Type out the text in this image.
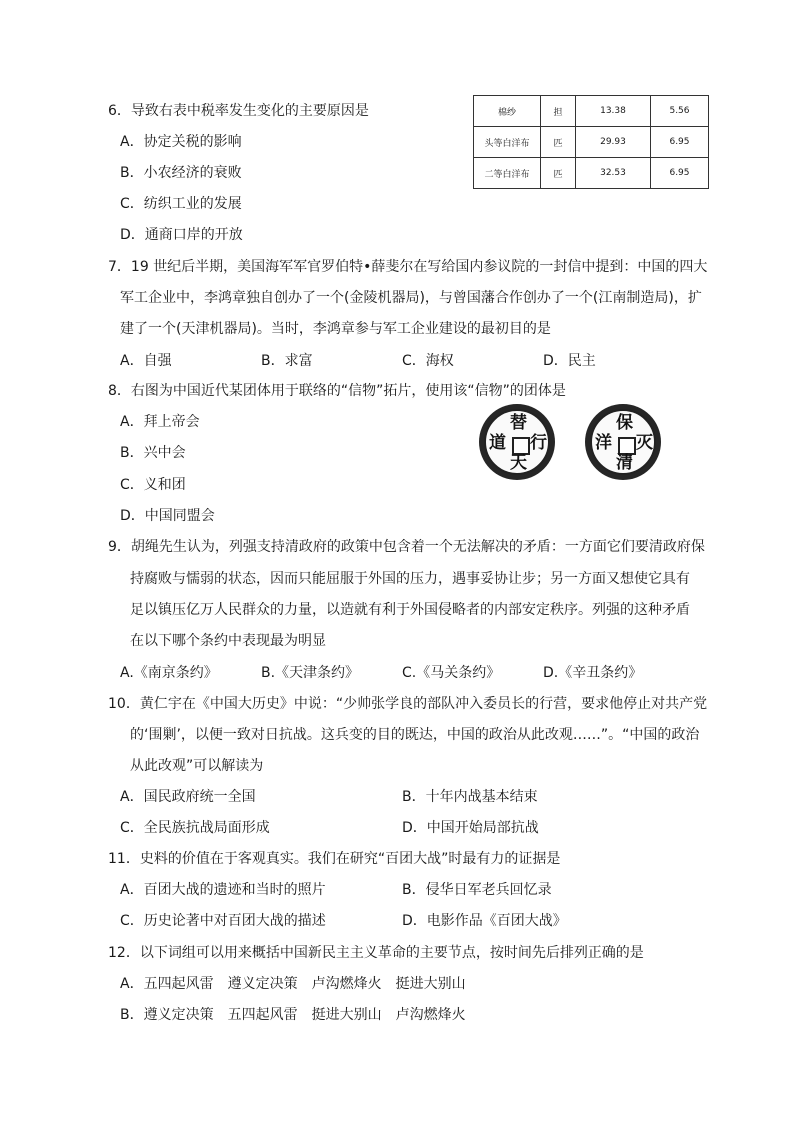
棉纱	担	13.38	5.56
头等白洋布	匹	29.93	6.95
二等白洋布	匹	32.53	6.95
6．导致右表中税率发生变化的主要原因是
A．协定关税的影响
B．小农经济的衰败
C．纺织工业的发展
D．通商口岸的开放
7．19 世纪后半期，美国海军军官罗伯特•薛斐尔在写给国内参议院的一封信中提到：中国的四大
军工企业中，李鸿章独自创办了一个(金陵机器局)，与曾国藩合作创办了一个(江南制造局)，扩
建了一个(天津机器局)。当时，李鸿章参与军工企业建设的最初目的是
A．自强	B．求富	C．海权	D．民主
8．右图为中国近代某团体用于联络的“信物”拓片，使用该“信物”的团体是
A．拜上帝会
B．兴中会
C．义和团
D．中国同盟会
替
天
行
道
保
清
灭
洋
9．胡绳先生认为，列强支持清政府的政策中包含着一个无法解决的矛盾：一方面它们要清政府保
持腐败与懦弱的状态，因而只能屈服于外国的压力，遇事妥协让步；另一方面又想使它具有
足以镇压亿万人民群众的力量，以造就有利于外国侵略者的内部安定秩序。列强的这种矛盾
在以下哪个条约中表现最为明显
A.《南京条约》	B.《天津条约》	C.《马关条约》	D.《辛丑条约》
10．黄仁宇在《中国大历史》中说：“少帅张学良的部队冲入委员长的行营，要求他停止对共产党
的‘围剿’，以便一致对日抗战。这兵变的目的既达，中国的政治从此改观……”。“中国的政治
从此改观”可以解读为
A．国民政府统一全国	B．十年内战基本结束
C．全民族抗战局面形成	D．中国开始局部抗战
11．史料的价值在于客观真实。我们在研究“百团大战”时最有力的证据是
A．百团大战的遗迹和当时的照片	B．侵华日军老兵回忆录
C．历史论著中对百团大战的描述	D．电影作品《百团大战》
12．以下词组可以用来概括中国新民主主义革命的主要节点，按时间先后排列正确的是
A．五四起风雷　遵义定决策　卢沟燃烽火　挺进大别山
B．遵义定决策　五四起风雷　挺进大别山　卢沟燃烽火
